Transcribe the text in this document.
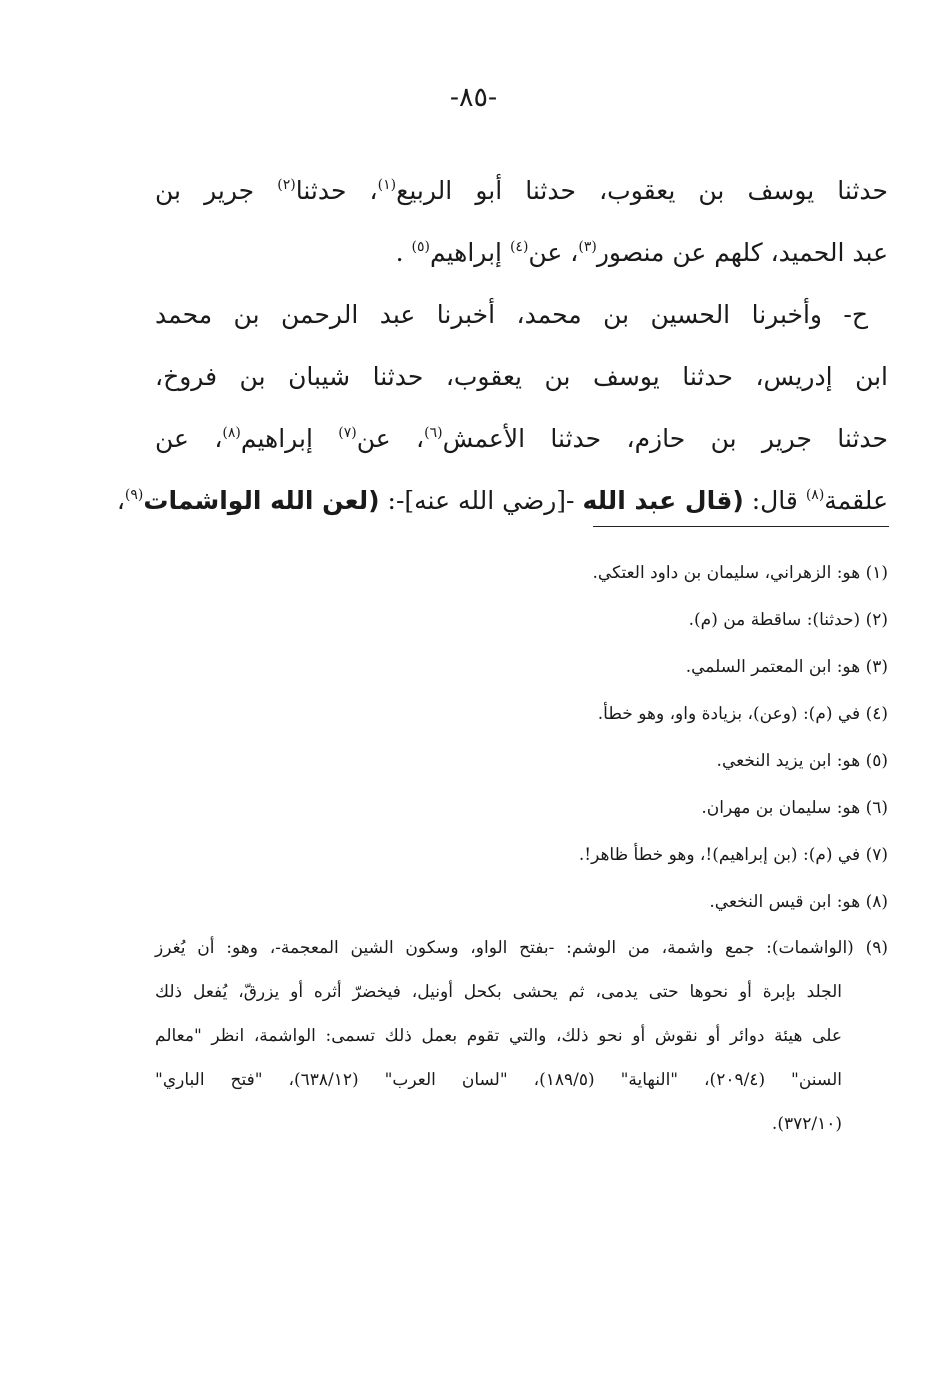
-٨٥-
حدثنا يوسف بن يعقوب، حدثنا أبو الربيع$^{(١)}$، حدثنا$^{(٢)}$ جرير بن
عبد الحميد، كلهم عن منصور$^{(٣)}$، عن$^{(٤)}$ إبراهيم$^{(٥)}$ .
ح- وأخبرنا الحسين بن محمد، أخبرنا عبد الرحمن بن محمد
ابن إدريس، حدثنا يوسف بن يعقوب، حدثنا شيبان بن فروخ،
حدثنا جرير بن حازم، حدثنا الأعمش$^{(٦)}$، عن$^{(٧)}$ إبراهيم$^{(٨)}$، عن
علقمة$^{(٨)}$ قال: (قال عبد الله -[رضي الله عنه]-: (لعن الله الواشمات$^{(٩)}$،
(١) هو: الزهراني، سليمان بن داود العتكي.
(٢) (حدثنا): ساقطة من (م).
(٣) هو: ابن المعتمر السلمي.
(٤) في (م): (وعن)، بزيادة واو، وهو خطأ.
(٥) هو: ابن يزيد النخعي.
(٦) هو: سليمان بن مهران.
(٧) في (م): (بن إبراهيم)!، وهو خطأ ظاهر!.
(٨) هو: ابن قيس النخعي.
(٩) (الواشمات): جمع واشمة، من الوشم: -بفتح الواو، وسكون الشين المعجمة-، وهو: أن يُغرز
الجلد بإبرة أو نحوها حتى يدمى، ثم يحشى بكحل أونيل، فيخضرّ أثره أو يزرقّ، يُفعل ذلك
على هيئة دوائر أو نقوش أو نحو ذلك، والتي تقوم بعمل ذلك تسمى: الواشمة، انظر "معالم
السنن" (٢٠٩/٤)، "النهاية" (١٨٩/٥)، "لسان العرب" (٦٣٨/١٢)، "فتح الباري"
(٣٧٢/١٠).
